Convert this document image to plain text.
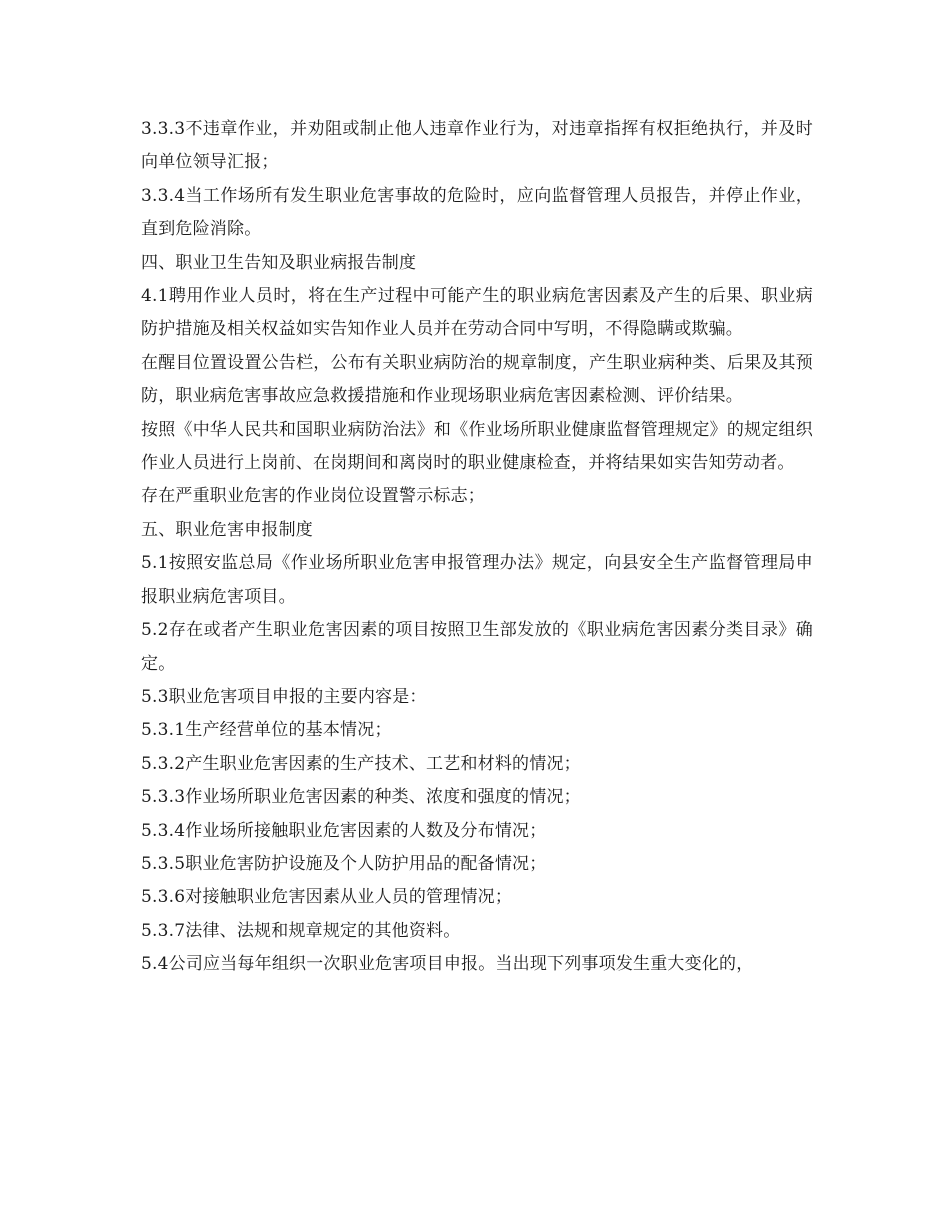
3.3.3不违章作业，并劝阻或制止他人违章作业行为，对违章指挥有权拒绝执行，并及时向单位领导汇报；

3.3.4当工作场所有发生职业危害事故的危险时，应向监督管理人员报告，并停止作业，直到危险消除。

四、职业卫生告知及职业病报告制度

4.1聘用作业人员时，将在生产过程中可能产生的职业病危害因素及产生的后果、职业病防护措施及相关权益如实告知作业人员并在劳动合同中写明，不得隐瞒或欺骗。

在醒目位置设置公告栏，公布有关职业病防治的规章制度，产生职业病种类、后果及其预防，职业病危害事故应急救援措施和作业现场职业病危害因素检测、评价结果。

按照《中华人民共和国职业病防治法》和《作业场所职业健康监督管理规定》的规定组织作业人员进行上岗前、在岗期间和离岗时的职业健康检查，并将结果如实告知劳动者。

存在严重职业危害的作业岗位设置警示标志；

五、职业危害申报制度

5.1按照安监总局《作业场所职业危害申报管理办法》规定，向县安全生产监督管理局申报职业病危害项目。

5.2存在或者产生职业危害因素的项目按照卫生部发放的《职业病危害因素分类目录》确定。

5.3职业危害项目申报的主要内容是：

5.3.1生产经营单位的基本情况；

5.3.2产生职业危害因素的生产技术、工艺和材料的情况；

5.3.3作业场所职业危害因素的种类、浓度和强度的情况；

5.3.4作业场所接触职业危害因素的人数及分布情况；

5.3.5职业危害防护设施及个人防护用品的配备情况；

5.3.6对接触职业危害因素从业人员的管理情况；

5.3.7法律、法规和规章规定的其他资料。

5.4公司应当每年组织一次职业危害项目申报。当出现下列事项发生重大变化的，
